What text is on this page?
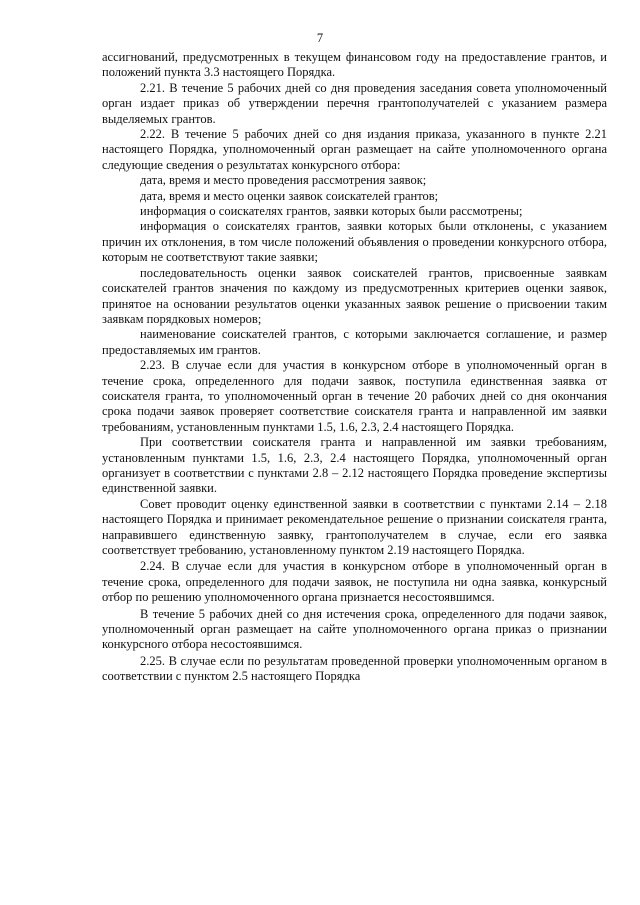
7

ассигнований, предусмотренных в текущем финансовом году на предоставление грантов, и положений пункта 3.3 настоящего Порядка.

2.21. В течение 5 рабочих дней со дня проведения заседания совета уполномоченный орган издает приказ об утверждении перечня грантополучателей с указанием размера выделяемых грантов.

2.22. В течение 5 рабочих дней со дня издания приказа, указанного в пункте 2.21 настоящего Порядка, уполномоченный орган размещает на сайте уполномоченного органа следующие сведения о результатах конкурсного отбора:

дата, время и место проведения рассмотрения заявок;

дата, время и место оценки заявок соискателей грантов;

информация о соискателях грантов, заявки которых были рассмотрены;

информация о соискателях грантов, заявки которых были отклонены, с указанием причин их отклонения, в том числе положений объявления о проведении конкурсного отбора, которым не соответствуют такие заявки;

последовательность оценки заявок соискателей грантов, присвоенные заявкам соискателей грантов значения по каждому из предусмотренных критериев оценки заявок, принятое на основании результатов оценки указанных заявок решение о присвоении таким заявкам порядковых номеров;

наименование соискателей грантов, с которыми заключается соглашение, и размер предоставляемых им грантов.

2.23. В случае если для участия в конкурсном отборе в уполномоченный орган в течение срока, определенного для подачи заявок, поступила единственная заявка от соискателя гранта, то уполномоченный орган в течение 20 рабочих дней со дня окончания срока подачи заявок проверяет соответствие соискателя гранта и направленной им заявки требованиям, установленным пунктами 1.5, 1.6, 2.3, 2.4 настоящего Порядка.

При соответствии соискателя гранта и направленной им заявки требованиям, установленным пунктами 1.5, 1.6, 2.3, 2.4 настоящего Порядка, уполномоченный орган организует в соответствии с пунктами 2.8 – 2.12 настоящего Порядка проведение экспертизы единственной заявки.

Совет проводит оценку единственной заявки в соответствии с пунктами 2.14 – 2.18 настоящего Порядка и принимает рекомендательное решение о признании соискателя гранта, направившего единственную заявку, грантополучателем в случае, если его заявка соответствует требованию, установленному пунктом 2.19 настоящего Порядка.

2.24. В случае если для участия в конкурсном отборе в уполномоченный орган в течение срока, определенного для подачи заявок, не поступила ни одна заявка, конкурсный отбор по решению уполномоченного органа признается несостоявшимся.

В течение 5 рабочих дней со дня истечения срока, определенного для подачи заявок, уполномоченный орган размещает на сайте уполномоченного органа приказ о признании конкурсного отбора несостоявшимся.

2.25. В случае если по результатам проведенной проверки уполномоченным органом в соответствии с пунктом 2.5 настоящего Порядка
